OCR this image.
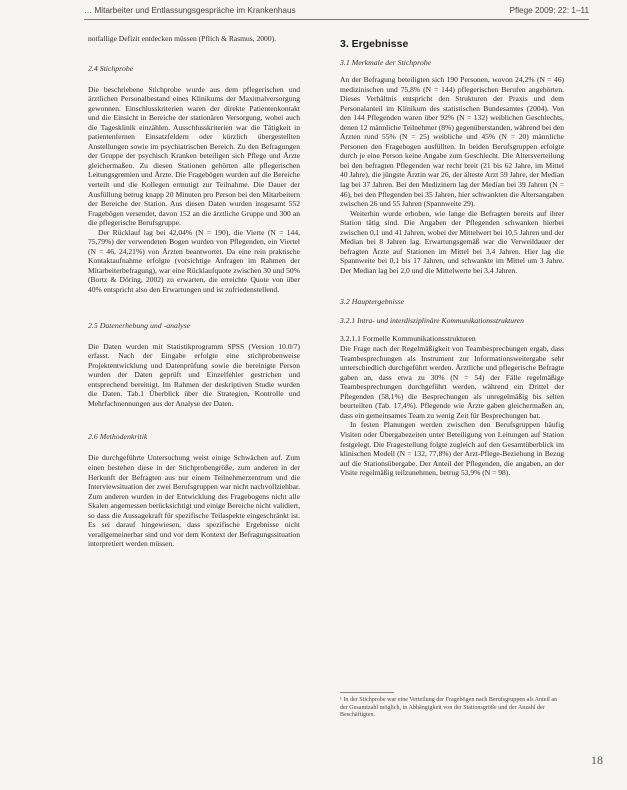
… Mitarbeiter und Entlassungsgespräche im Krankenhaus	Pflege 2009; 22: 1–11

notfallige Defizit entdecken müssen (Pflich & Rasmus, 2000).

2.4 Stichprobe

Die beschriebene Stichprobe wurde aus dem pflegerischen und ärztlichen Personalbestand eines Klinikums der Maximalversorgung gewonnen. Einschlusskriterien waren der direkte Patientenkontakt und die Einsicht in Bereiche der stationären Versorgung, wobei auch die Tagesklinik einzählen. Ausschlusskriterien war die Tätigkeit in patientenfernen Einsatzfeldern oder kürzlich übergestellten Anstellungen sowie im psychiatrischen Bereich. Zu den Befragungen der Gruppe der psychisch Kranken beteiligen sich Pflege und Ärzte gleichermaßen. Zu diesen Stationen gehörten alle pflegerischen Leitungsgremien und Ärzte. Die Fragebögen wurden auf die Bereiche verteilt und die Kollegen ermutigt zur Teilnahme. Die Dauer der Ausfüllung betrug knapp 20 Minuten pro Person bei den Mitarbeitern der Bereiche der Station. Aus diesen Daten wurden insgesamt 552 Fragebögen versendet, davon 152 an die ärztliche Gruppe und 300 an die pflegerische Berufsgruppe.

Der Rücklauf lag bei 42,04% (N = 190), die Vierte (N = 144, 75,79%) der verwendeten Bogen wurden von Pflegenden, ein Viertel (N = 46, 24,21%) von Ärzten beantwortet. Da eine rein praktische Kontaktaufnahme erfolgte (vorsichtige Anfragen im Rahmen der Mitarbeiterbefragung), war eine Rücklaufquote zwischen 30 und 50% (Bortz & Döring, 2002) zu erwarten, die erreichte Quote von über 40% entspricht also den Erwartungen und ist zufriedenstellend.

2.5 Datenerhebung und -analyse

Die Daten wurden mit Statistikprogramm SPSS (Version 10.0/7) erfasst. Nach der Eingabe erfolgte eine stichprobenweise Projektentwicklung und Datenprüfung sowie die bereinigte Person wurden der Daten geprüft und Einzelfehler gestrichen und entsprechend bereinigt. Im Rahmen der deskriptiven Studie wurden die Daten. Tab.1 Überblick über die Strategien, Kontrolle und Mehrfachnennungen aus der Analyse der Daten.

2.6 Methodenkritik

Die durchgeführte Untersuchung weist einige Schwächen auf. Zum einen bestehen diese in der Stichprobengröße, zum anderen in der Herkunft der Befragten aus nur einem Teilnehmerzentrum und die Interviewsituation der zwei Berufsgruppen war nicht nachvollziehbar. Zum anderen wurden in der Entwicklung des Fragebogens nicht alle Skalen angemessen berücksichtigt und einige Bereiche nicht validiert, so dass die Aussagekraft für spezifische Teilaspekte eingeschränkt ist. Es sei darauf hingewiesen, dass spezifische Ergebnisse nicht verallgemeinerbar sind und vor dem Kontext der Befragungssituation interpretiert werden müssen.

3. Ergebnisse
3.1 Merkmale der Stichprobe

An der Befragung beteiligten sich 190 Personen, wovon 24,2% (N = 46) medizinischen und 75,8% (N = 144) pflegerischen Berufen angehörten. Dieses Verhältnis entspricht den Strukturen der Praxis und dem Personalanteil im Klinikum des statistischen Bundesamtes (2004). Von den 144 Pflegenden waren über 92% (N = 132) weiblichen Geschlechts, denen 12 männliche Teilnehmer (8%) gegenüberstanden, während bei den Ärzten rund 55% (N = 25) weibliche und 45% (N = 20) männliche Personen den Fragebogen ausfüllten. In beiden Berufsgruppen erfolgte durch je eine Person keine Angabe zum Geschlecht. Die Altersverteilung bei den befragten Pflegenden war recht breit (21 bis 62 Jahre, im Mittel 40 Jahre), die jüngste Ärztin war 26, der älteste Arzt 59 Jahre, der Median lag bei 37 Jahren. Bei den Medizinern lag der Median bei 39 Jahren (N = 46), bei den Pflegenden bei 35 Jahren, hier schwankten die Altersangaben zwischen 26 und 55 Jahren (Spannweite 29).

Weiterhin wurde erhoben, wie lange die Befragten bereits auf ihrer Station tätig sind. Die Angaben der Pflegenden schwanken hierbei zwischen 0,1 und 41 Jahren, wobei der Mittelwert bei 10,5 Jahren und der Median bei 8 Jahren lag. Erwartungsgemäß war die Verweildauer der befragten Ärzte auf Stationen im Mittel bei 3,4 Jahren. Hier lag die Spannweite bei 0,1 bis 17 Jahren, und schwankte im Mittel um 3 Jahre. Der Median lag bei 2,0 und die Mittelwerte bei 3,4 Jahren.

3.2 Hauptergebnisse
3.2.1 Intra- und interdisziplinäre Kommunikationsstrukturen
3.2.1.1 Formelle Kommunikationsstrukturen

Die Frage nach der Regelmäßigkeit von Teambesprechungen ergab, dass Teambesprechungen als Instrument zur Informationsweitergabe sehr unterschiedlich durchgeführt werden. Ärztliche und pflegerische Befragte gaben an, dass etwa zu 30% (N = 54) der Fälle regelmäßige Teambesprechungen durchgeführt werden, während ein Drittel der Pflegenden (58,1%) die Besprechungen als unregelmäßig bis selten beurteilten (Tab. 17,4%). Pflegende wie Ärzte gaben gleichermaßen an, dass ein gemeinsames Team zu wenig Zeit für Besprechungen hat.

In festen Planungen werden zwischen den Berufsgruppen häufig Visiten oder Übergabezeiten unter Beteiligung von Leitungen auf Station festgelegt. Die Fragestellung folgte zugleich auf den Gesamtüberblick im klinischen Modell (N = 132, 77,8%) der Arzt-Pflege-Beziehung in Bezug auf die Stationsübergabe. Der Anteil der Pflegenden, die angaben, an der Visite regelmäßig teilzunehmen, betrug 53,9% (N = 98).

¹ In der Stichprobe war eine Verteilung der Fragebögen nach Berufsgruppen als Anteil an der Gesamtzahl möglich, in Abhängigkeit von der Stationsgröße und der Anzahl der Beschäftigten.
18
